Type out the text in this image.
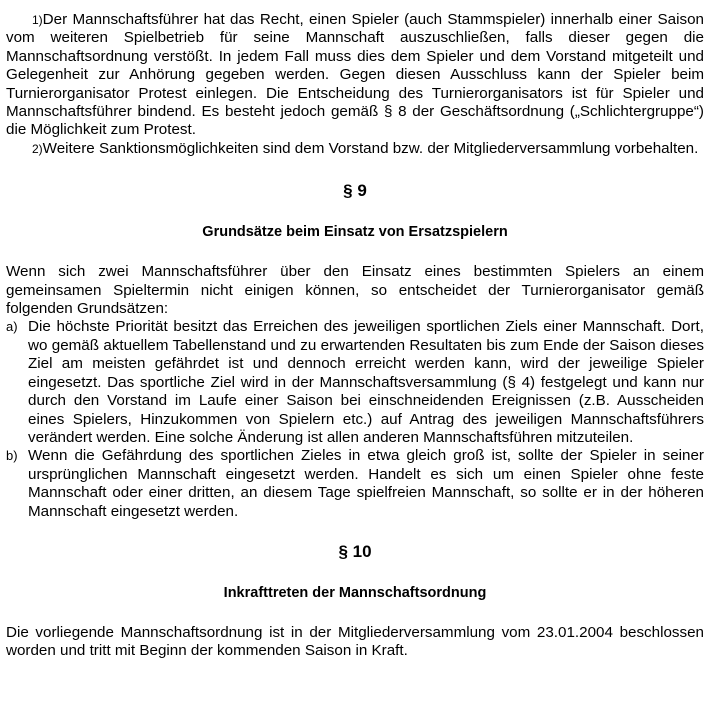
1)Der Mannschaftsführer hat das Recht, einen Spieler (auch Stammspieler) innerhalb einer Saison vom weiteren Spielbetrieb für seine Mannschaft auszuschließen, falls dieser gegen die Mannschaftsordnung verstößt. In jedem Fall muss dies dem Spieler und dem Vorstand mitgeteilt und Gelegenheit zur Anhörung gegeben werden. Gegen diesen Ausschluss kann der Spieler beim Turnierorganisator Protest einlegen. Die Entscheidung des Turnierorganisators ist für Spieler und Mannschaftsführer bindend. Es besteht jedoch gemäß § 8 der Geschäftsordnung („Schlichtergruppe“) die Möglichkeit zum Protest.

2)Weitere Sanktionsmöglichkeiten sind dem Vorstand bzw. der Mitgliederversammlung vorbehalten.

§ 9
Grundsätze beim Einsatz von Ersatzspielern

Wenn sich zwei Mannschaftsführer über den Einsatz eines bestimmten Spielers an einem gemeinsamen Spieltermin nicht einigen können, so entscheidet der Turnierorganisator gemäß folgenden Grundsätzen:

a) Die höchste Priorität besitzt das Erreichen des jeweiligen sportlichen Ziels einer Mannschaft. Dort, wo gemäß aktuellem Tabellenstand und zu erwartenden Resultaten bis zum Ende der Saison dieses Ziel am meisten gefährdet ist und dennoch erreicht werden kann, wird der jeweilige Spieler eingesetzt. Das sportliche Ziel wird in der Mannschaftsversammlung (§ 4) festgelegt und kann nur durch den Vorstand im Laufe einer Saison bei einschneidenden Ereignissen (z.B. Ausscheiden eines Spielers, Hinzukommen von Spielern etc.) auf Antrag des jeweiligen Mannschaftsführers verändert werden. Eine solche Änderung ist allen anderen Mannschaftsführen mitzuteilen.
b) Wenn die Gefährdung des sportlichen Zieles in etwa gleich groß ist, sollte der Spieler in seiner ursprünglichen Mannschaft eingesetzt werden. Handelt es sich um einen Spieler ohne feste Mannschaft oder einer dritten, an diesem Tage spielfreien Mannschaft, so sollte er in der höheren Mannschaft eingesetzt werden.
§ 10
Inkrafttreten der Mannschaftsordnung

Die vorliegende Mannschaftsordnung ist in der Mitgliederversammlung vom 23.01.2004 beschlossen worden und tritt mit Beginn der kommenden Saison in Kraft.
